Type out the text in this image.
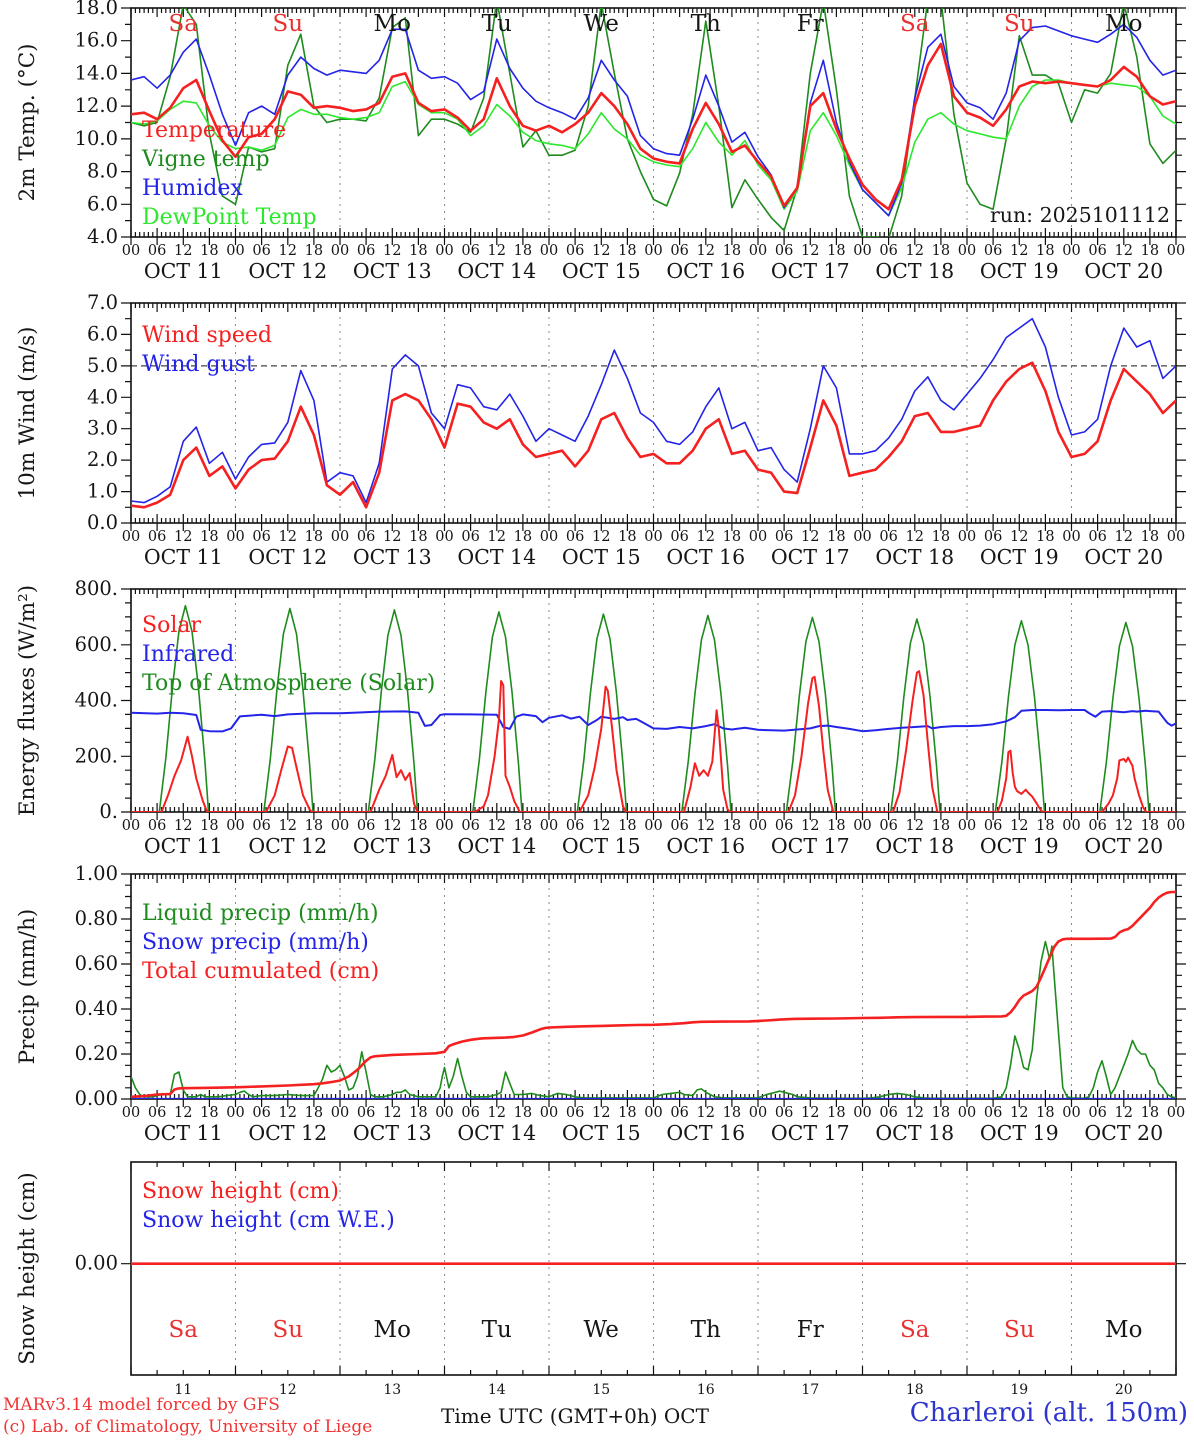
18.0
16.0
14.0
12.0
10.0
8.0
6.0
4.0
2m Temp. (°C)	Temperature
Vigne temp
Humidex
DewPoint Temp	run: 2025101112
00 06 12 18 00 06 12 18 00 06 12 18 00 06 12 18 00 06 12 18 00 06 12 18 00 06 12 18 00 06 12 18 00 06 12 18 00 06 12 18 00
OCT 11 OCT 12 OCT 13 OCT 14 OCT 15 OCT 16 OCT 17 OCT 18 OCT 19 OCT 20
Sa	Su	Mo	Tu	We	Th	Fr	Sa	Su	Mo
7.0
6.0
5.0
4.0
3.0
2.0
1.0
0.0
10m Wind (m/s)	Wind speed
Wind gust
00 06 12 18 00 06 12 18 00 06 12 18 00 06 12 18 00 06 12 18 00 06 12 18 00 06 12 18 00 06 12 18 00 06 12 18 00 06 12 18 00
OCT 11 OCT 12 OCT 13 OCT 14 OCT 15 OCT 16 OCT 17 OCT 18 OCT 19 OCT 20
800.
600.
400.
200.
0.
Energy fluxes (W/m²)	Solar
Infrared
Top of Atmosphere (Solar)
00 06 12 18 00 06 12 18 00 06 12 18 00 06 12 18 00 06 12 18 00 06 12 18 00 06 12 18 00 06 12 18 00 06 12 18 00 06 12 18 00
OCT 11 OCT 12 OCT 13 OCT 14 OCT 15 OCT 16 OCT 17 OCT 18 OCT 19 OCT 20
1.00
0.80
0.60
0.40
0.20
0.00
Precip (mm/h)	Liquid precip (mm/h)
Snow precip (mm/h)
Total cumulated (cm)
00 06 12 18 00 06 12 18 00 06 12 18 00 06 12 18 00 06 12 18 00 06 12 18 00 06 12 18 00 06 12 18 00 06 12 18 00 06 12 18 00
OCT 11 OCT 12 OCT 13 OCT 14 OCT 15 OCT 16 OCT 17 OCT 18 OCT 19 OCT 20
0.00
Snow height (cm)	Snow height (cm)
Snow height (cm W.E.)
Sa
11
Su
12
Mo
13
Tu
14
We
15
Th
16
Fr
17
Sa
18
Su
19
Mo
20
MARv3.14 model forced by GFS
(c) Lab. of Climatology, University of Liege	Time UTC (GMT+0h) OCT	Charleroi (alt. 150m)
